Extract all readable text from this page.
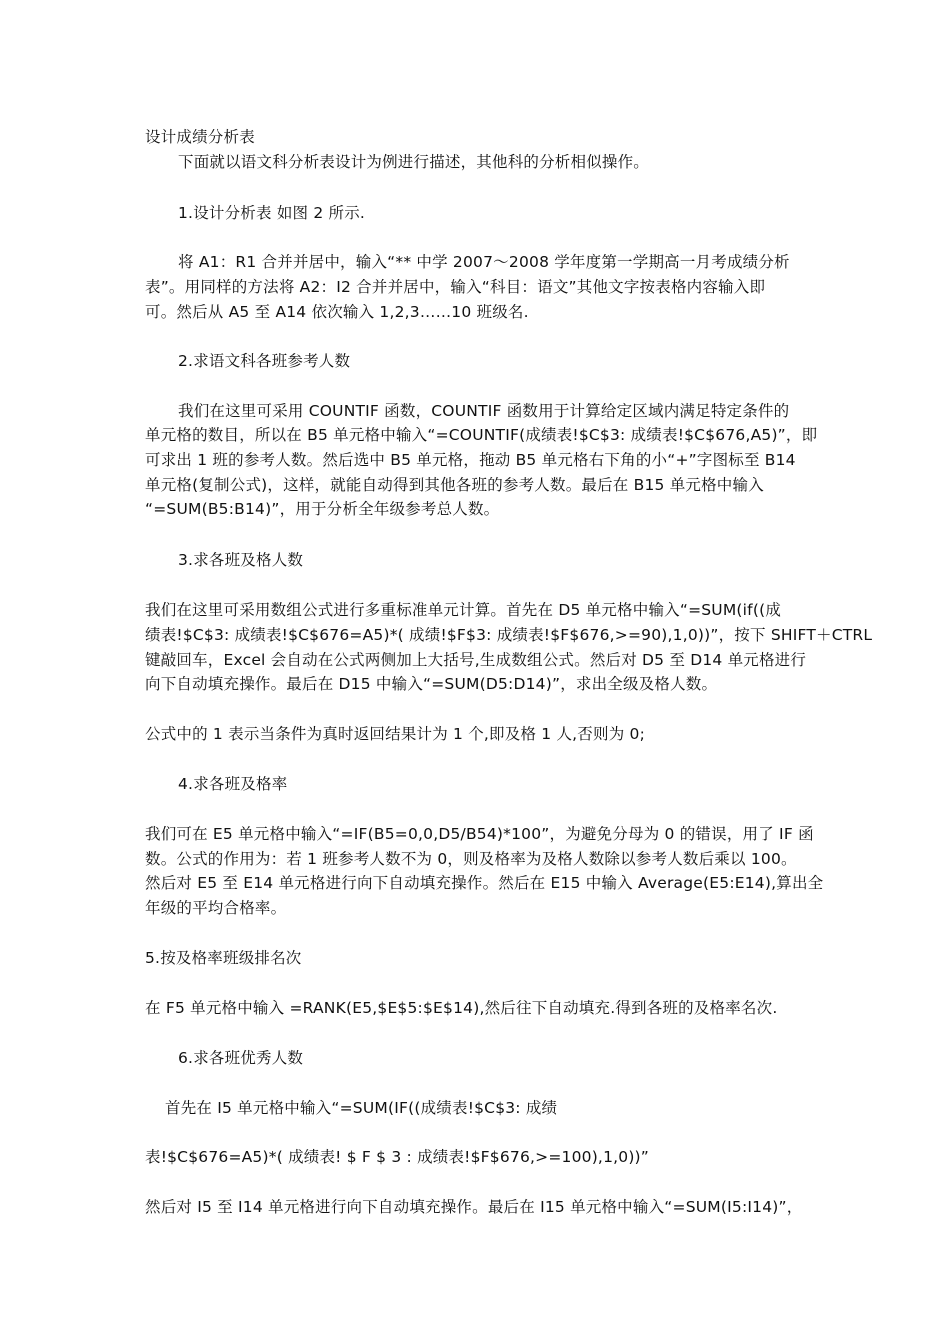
设计成绩分析表
下面就以语文科分析表设计为例进行描述，其他科的分析相似操作。
1.设计分析表 如图 2 所示.
将 A1：R1 合并并居中，输入“** 中学 2007～2008 学年度第一学期高一月考成绩分析
表”。用同样的方法将 A2：I2 合并并居中，输入“科目：语文”其他文字按表格内容输入即
可。然后从 A5 至 A14 依次输入 1,2,3……10 班级名.
2.求语文科各班参考人数
我们在这里可采用 COUNTIF 函数，COUNTIF 函数用于计算给定区域内满足特定条件的
单元格的数目，所以在 B5 单元格中输入“=COUNTIF(成绩表!$C$3: 成绩表!$C$676,A5)”，即
可求出 1 班的参考人数。然后选中 B5 单元格，拖动 B5 单元格右下角的小“+”字图标至 B14
单元格(复制公式)，这样，就能自动得到其他各班的参考人数。最后在 B15 单元格中输入
“=SUM(B5:B14)”，用于分析全年级参考总人数。
3.求各班及格人数
我们在这里可采用数组公式进行多重标准单元计算。首先在 D5 单元格中输入“=SUM(if((成
绩表!$C$3: 成绩表!$C$676=A5)*( 成绩!$F$3: 成绩表!$F$676,>=90),1,0))”，按下 SHIFT＋CTRL
键敲回车，Excel 会自动在公式两侧加上大括号,生成数组公式。然后对 D5 至 D14 单元格进行
向下自动填充操作。最后在 D15 中输入“=SUM(D5:D14)”，求出全级及格人数。
公式中的 1 表示当条件为真时返回结果计为 1 个,即及格 1 人,否则为 0;
4.求各班及格率
我们可在 E5 单元格中输入“=IF(B5=0,0,D5/B54)*100”，为避免分母为 0 的错误，用了 IF 函
数。公式的作用为：若 1 班参考人数不为 0，则及格率为及格人数除以参考人数后乘以 100。
然后对 E5 至 E14 单元格进行向下自动填充操作。然后在 E15 中输入 Average(E5:E14),算出全
年级的平均合格率。
5.按及格率班级排名次
在 F5 单元格中输入 =RANK(E5,$E$5:$E$14),然后往下自动填充.得到各班的及格率名次.
6.求各班优秀人数
首先在 I5 单元格中输入“=SUM(IF((成绩表!$C$3: 成绩
表!$C$676=A5)*( 成绩表! $ F $ 3 : 成绩表!$F$676,>=100),1,0))”
然后对 I5 至 I14 单元格进行向下自动填充操作。最后在 I15 单元格中输入“=SUM(I5:I14)”，
